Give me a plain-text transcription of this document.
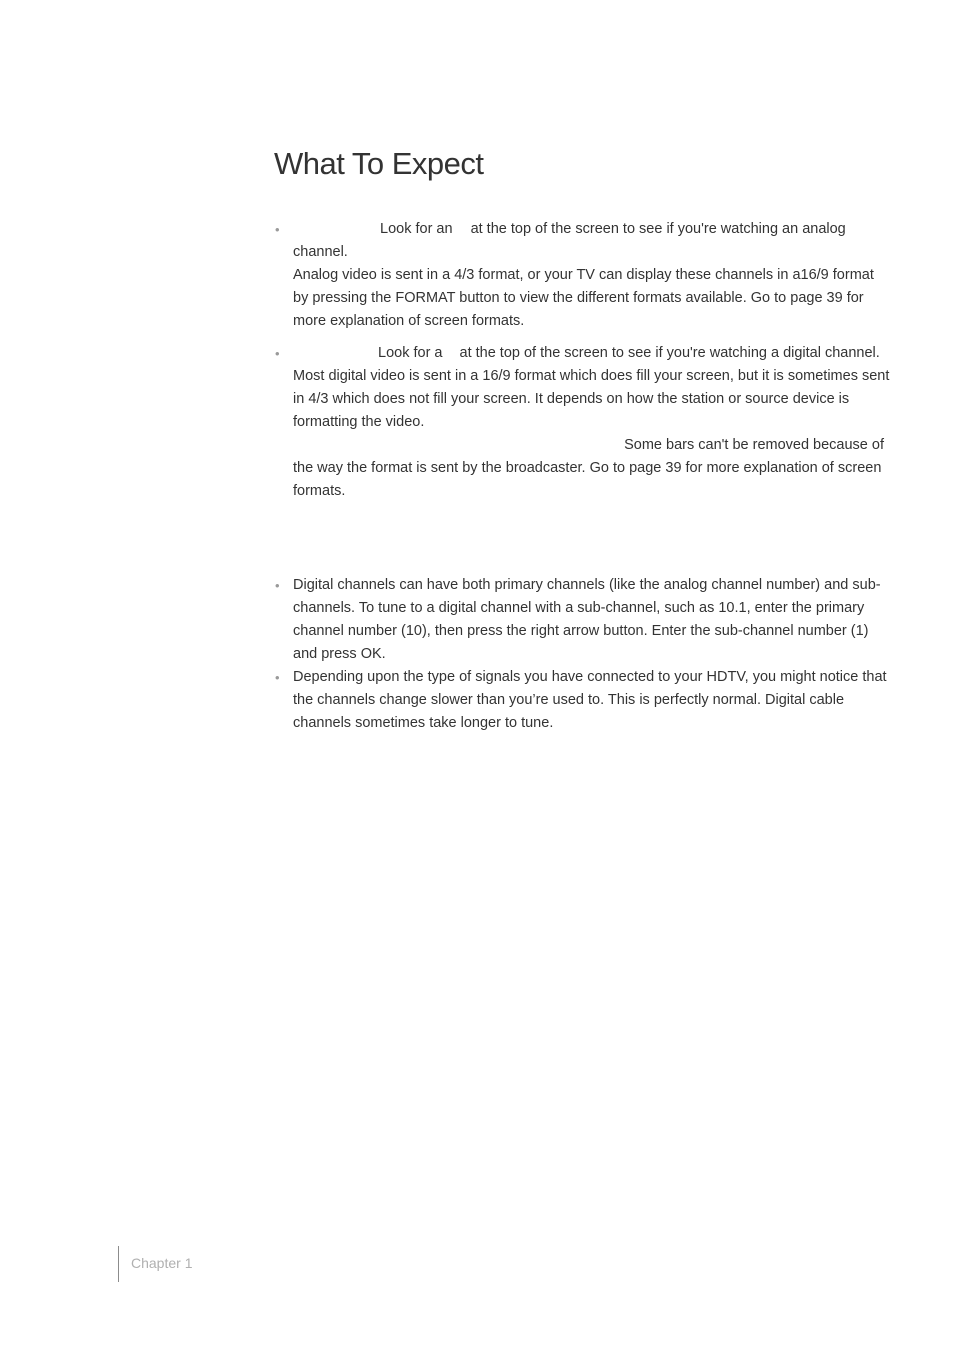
What To Expect
•	Look for an at the top of the screen to see if you're watching an analog channel.
Analog video is sent in a 4/3 format, or your TV can display these channels in a16/9 format by pressing the FORMAT button to view the different formats available. Go to page 39 for more explanation of screen formats.
•	Look for a at the top of the screen to see if you're watching a digital channel.
Most digital video is sent in a 16/9 format which does fill your screen, but it is sometimes sent in 4/3 which does not fill your screen. It depends on how the station or source device is formatting the video.
Some bars can't be removed because of
the way the format is sent by the broadcaster. Go to page 39 for more explanation of screen formats.
• Digital channels can have both primary channels (like the analog channel number) and sub-channels. To tune to a digital channel with a sub-channel, such as 10.1, enter the primary channel number (10), then press the right arrow button. Enter the sub-channel number (1) and press OK.
• Depending upon the type of signals you have connected to your HDTV, you might notice that the channels change slower than you’re used to. This is perfectly normal. Digital cable channels sometimes take longer to tune.
Chapter 1
